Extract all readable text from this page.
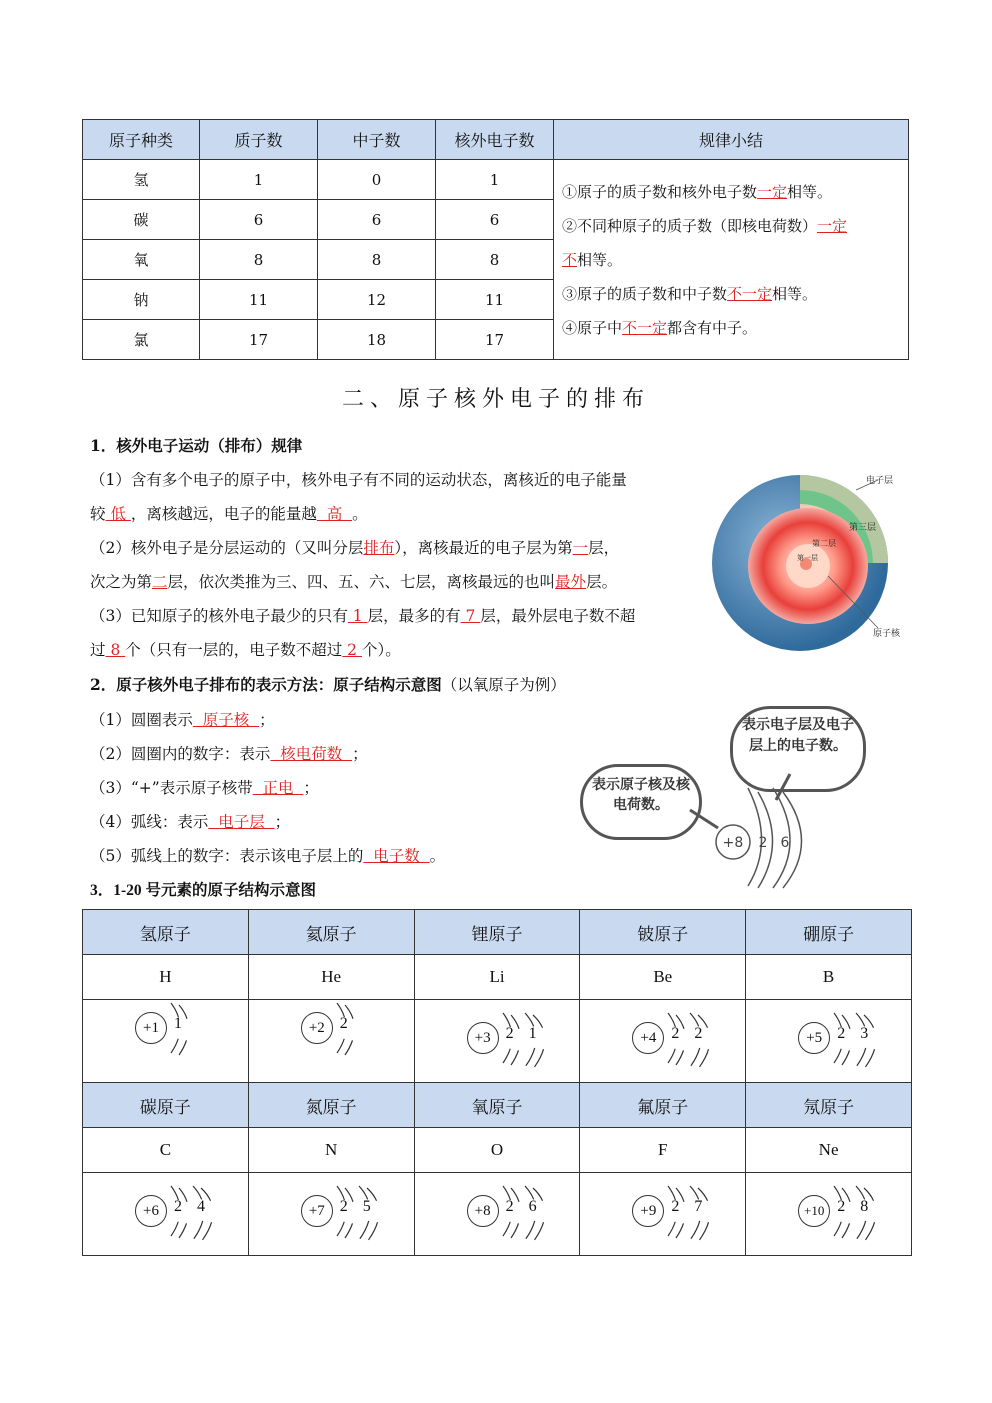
原子种类	质子数	中子数	核外电子数	规律小结
氢	1	0	1	①原子的质子数和核外电子数一定相等。
②不同种原子的质子数（即核电荷数）一定
不相等。
③原子的质子数和中子数不一定相等。
④原子中不一定都含有中子。

碳	6	6	6	
氧	8	8	8	
钠	11	12	11	
氯	17	18	17	
二、原子核外电子的排布
1．核外电子运动（排布）规律
（1）含有多个电子的原子中，核外电子有不同的运动状态，离核近的电子能量
较 低 ，离核越远，电子的能量越  高  。
（2）核外电子是分层运动的（又叫分层排布），离核最近的电子层为第一层，
次之为第二层，依次类推为三、四、五、六、七层，离核最远的也叫最外层。
（3）已知原子的核外电子最少的只有 1 层，最多的有 7 层，最外层电子数不超
过 8 个（只有一层的，电子数不超过 2 个）。
电子层
第三层
第二层
第一层
原子核
2．原子核外电子排布的表示方法：原子结构示意图（以氧原子为例）
（1）圆圈表示  原子核  ；
（2）圆圈内的数字：表示  核电荷数  ；
（3）“+”表示原子核带  正电  ；
（4）弧线：表示  电子层  ；
（5）弧线上的数字：表示该电子层上的  电子数  。
表示原子核及核电荷数。
表示电子层及电子层上的电子数。
+8 2 6
3．1-20 号元素的原子结构示意图
氢原子	氦原子	锂原子	铍原子	硼原子
H	He	Li	Be	B

+1 1	+2 2	+3 2 1	+4 2 2	+5 2 3

碳原子	氮原子	氧原子	氟原子	氖原子
C	N	O	F	Ne

+6 2 4	+7 2 5	+8 2 6	+9 2 7	+10 2 8
